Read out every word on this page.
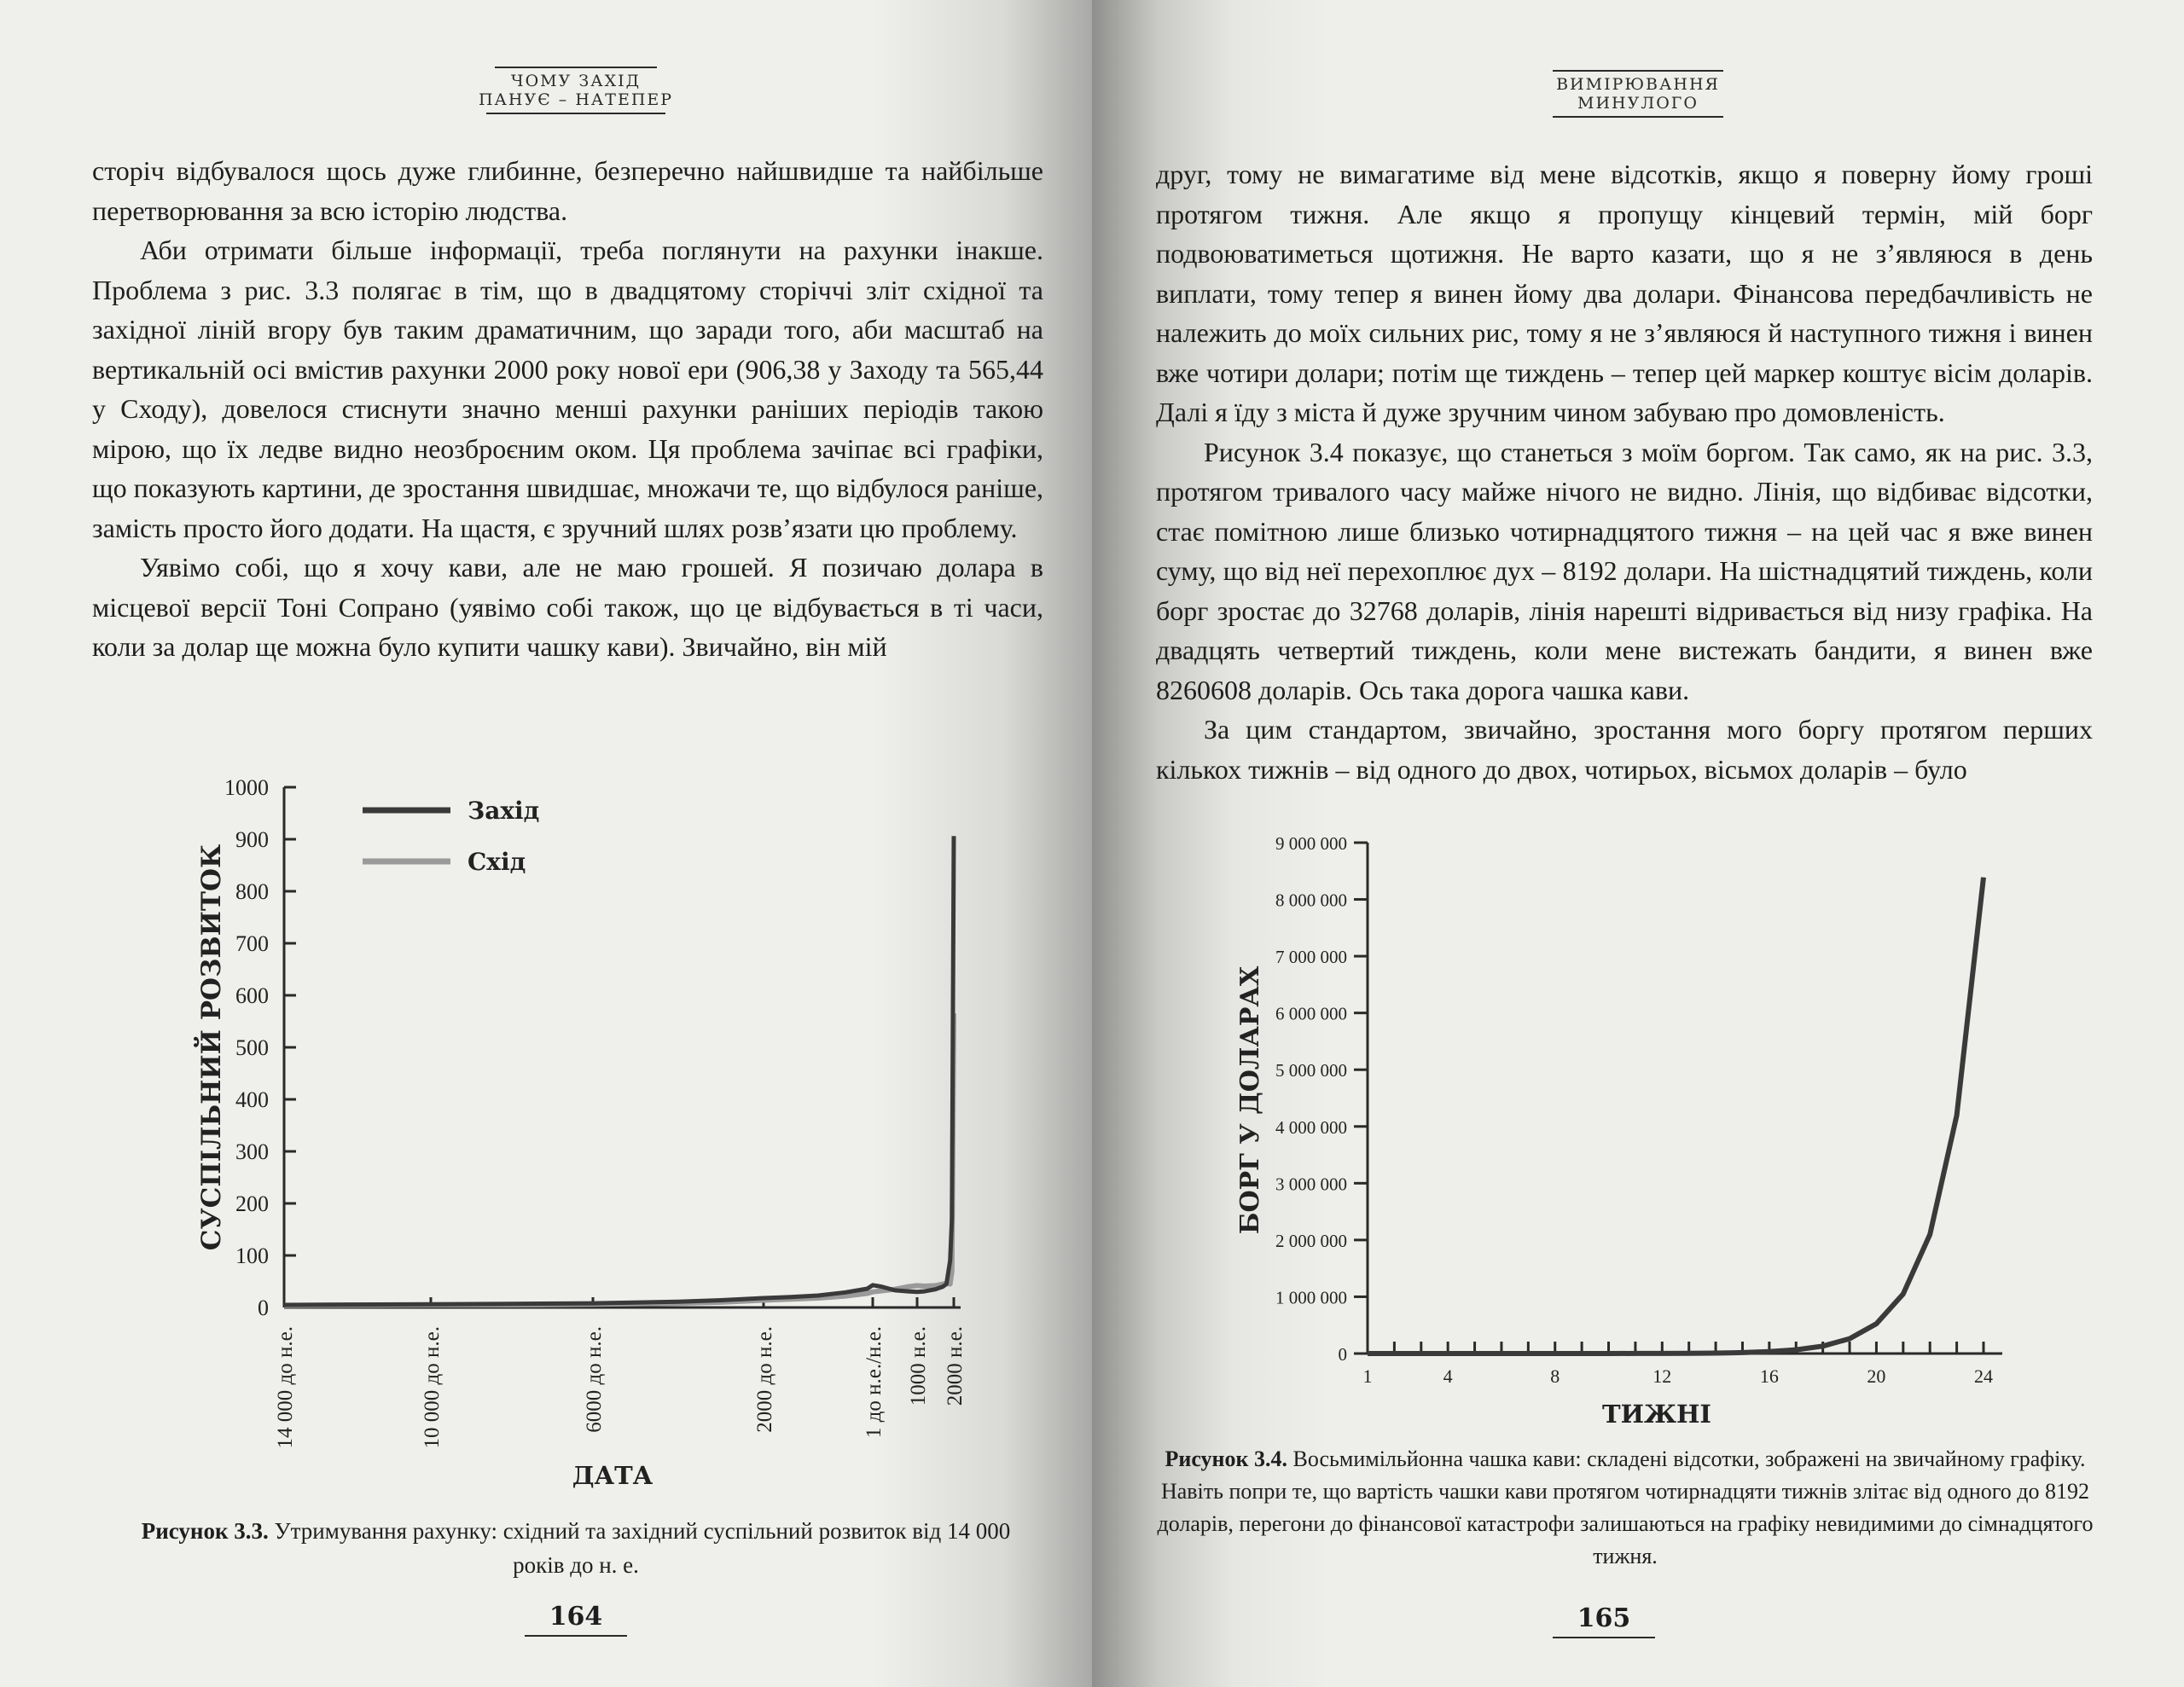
ЧОМУ ЗАХІД
ПАНУЄ – НАТЕПЕР

сторіч відбувалося щось дуже глибинне, безперечно найшвидше та найбільше перетворювання за всю історію людства.

Аби отримати більше інформації, треба поглянути на рахунки інакше. Проблема з рис. 3.3 полягає в тім, що в двадцятому сторіччі зліт східної та західної ліній вгору був таким драматичним, що заради того, аби масштаб на вертикальній осі вмістив рахунки 2000 року нової ери (906,38 у Заходу та 565,44 у Сходу), довелося стиснути значно менші рахунки раніших періодів такою мірою, що їх ледве видно неозброєним оком. Ця проблема зачіпає всі графіки, що показують картини, де зростання швидшає, множачи те, що відбулося раніше, замість просто його додати. На щастя, є зручний шлях розв’язати цю проблему.

Уявімо собі, що я хочу кави, але не маю грошей. Я позичаю долара в місцевої версії Тоні Сопрано (уявімо собі також, що це відбувається в ті часи, коли за долар ще можна було купити чашку кави). Звичайно, він мій

0
100
200
300
400
500
600
700
800
900
1000
14 000 до н.е.	10 000 до н.е.	6000 до н.е.	2000 до н.е.	1 до н.е./н.е. 1000 н.е. 2000 н.е.
СУСПІЛЬНИЙ РОЗВИТОК
ДАТА
Захід
Схід
Рисунок 3.3. Утримування рахунку: східний та західний суспільний розвиток від 14 000 років до н. е.
164
ВИМІРЮВАННЯ
МИНУЛОГО

друг, тому не вимагатиме від мене відсотків, якщо я поверну йому гроші протягом тижня. Але якщо я пропущу кінцевий термін, мій борг подвоюватиметься щотижня. Не варто казати, що я не з’являюся в день виплати, тому тепер я винен йому два долари. Фінансова передбачливість не належить до моїх сильних рис, тому я не з’являюся й наступного тижня і винен вже чотири долари; потім ще тиждень – тепер цей маркер коштує вісім доларів. Далі я їду з міста й дуже зручним чином забуваю про домовленість.

Рисунок 3.4 показує, що станеться з моїм боргом. Так само, як на рис. 3.3, протягом тривалого часу майже нічого не видно. Лінія, що відбиває відсотки, стає помітною лише близько чотирнадцятого тижня – на цей час я вже винен суму, що від неї перехоплює дух – 8192 долари. На шістнадцятий тиждень, коли борг зростає до 32768 доларів, лінія нарешті відривається від низу графіка. На двадцять четвертий тиждень, коли мене вистежать бандити, я винен вже 8260608 доларів. Ось така дорога чашка кави.

За цим стандартом, звичайно, зростання мого боргу протягом перших кількох тижнів – від одного до двох, чотирьох, вісьмох доларів – було

0
1 000 000
2 000 000
3 000 000
4 000 000
5 000 000
6 000 000
7 000 000
8 000 000
9 000 000
1	4	8	12	16	20	24
БОРГ У ДОЛАРАХ
ТИЖНІ
Рисунок 3.4. Восьмимільйонна чашка кави: складені відсотки, зображені на звичайному графіку. Навіть попри те, що вартість чашки кави протягом чотирнадцяти тижнів злітає від одного до 8192 доларів, перегони до фінансової катастрофи залишаються на графіку невидимими до сімнадцятого тижня.
165
